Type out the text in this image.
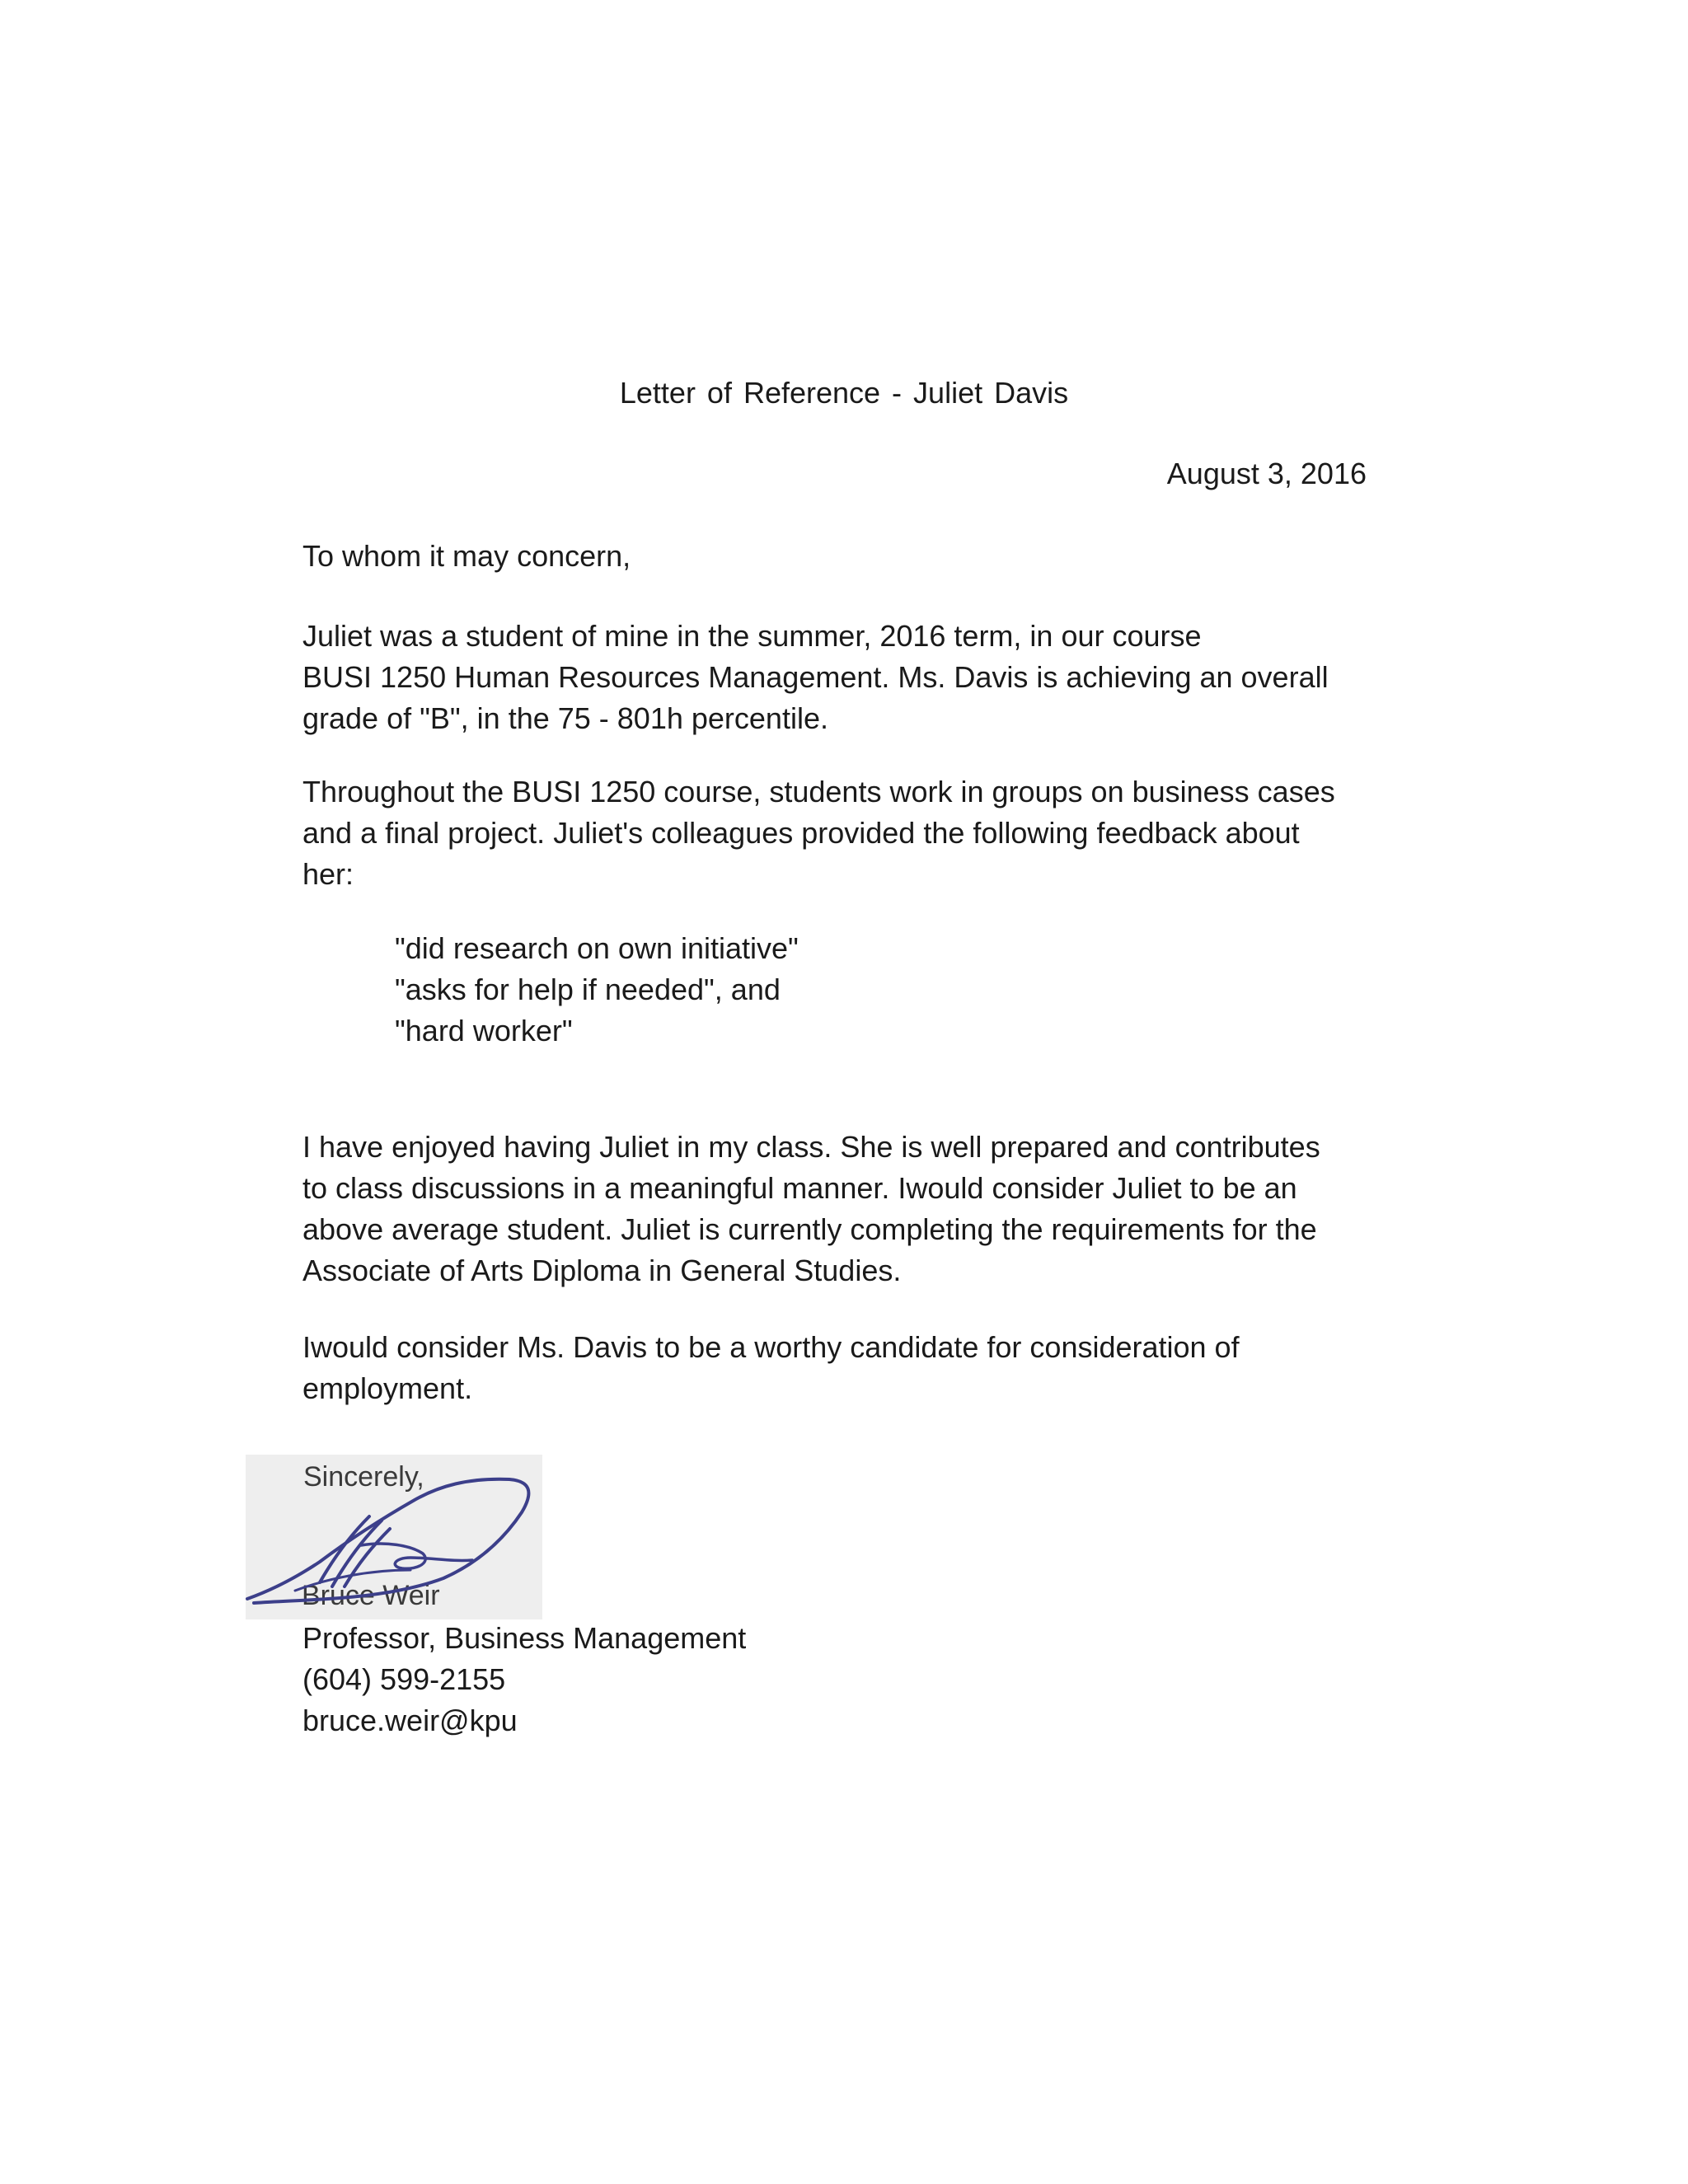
Letter of Reference - Juliet Davis

August 3, 2016

To whom it may concern,

Juliet was a student of mine in the summer, 2016 term, in our course
BUSI 1250 Human Resources Management. Ms. Davis is achieving an overall
grade of "B", in the 75 - 801h percentile.
Throughout the BUSI 1250 course, students work in groups on business cases
and a final project. Juliet's colleagues provided the following feedback about
her:
"did research on own initiative"
"asks for help if needed", and
"hard worker"
I have enjoyed having Juliet in my class. She is well prepared and contributes
to class discussions in a meaningful manner. Iwould consider Juliet to be an
above average student. Juliet is currently completing the requirements for the
Associate of Arts Diploma in General Studies.
Iwould consider Ms. Davis to be a worthy candidate for consideration of
employment.
Sincerely,
Bruce Weir
Professor, Business Management
(604) 599-2155
bruce.weir@kpu
